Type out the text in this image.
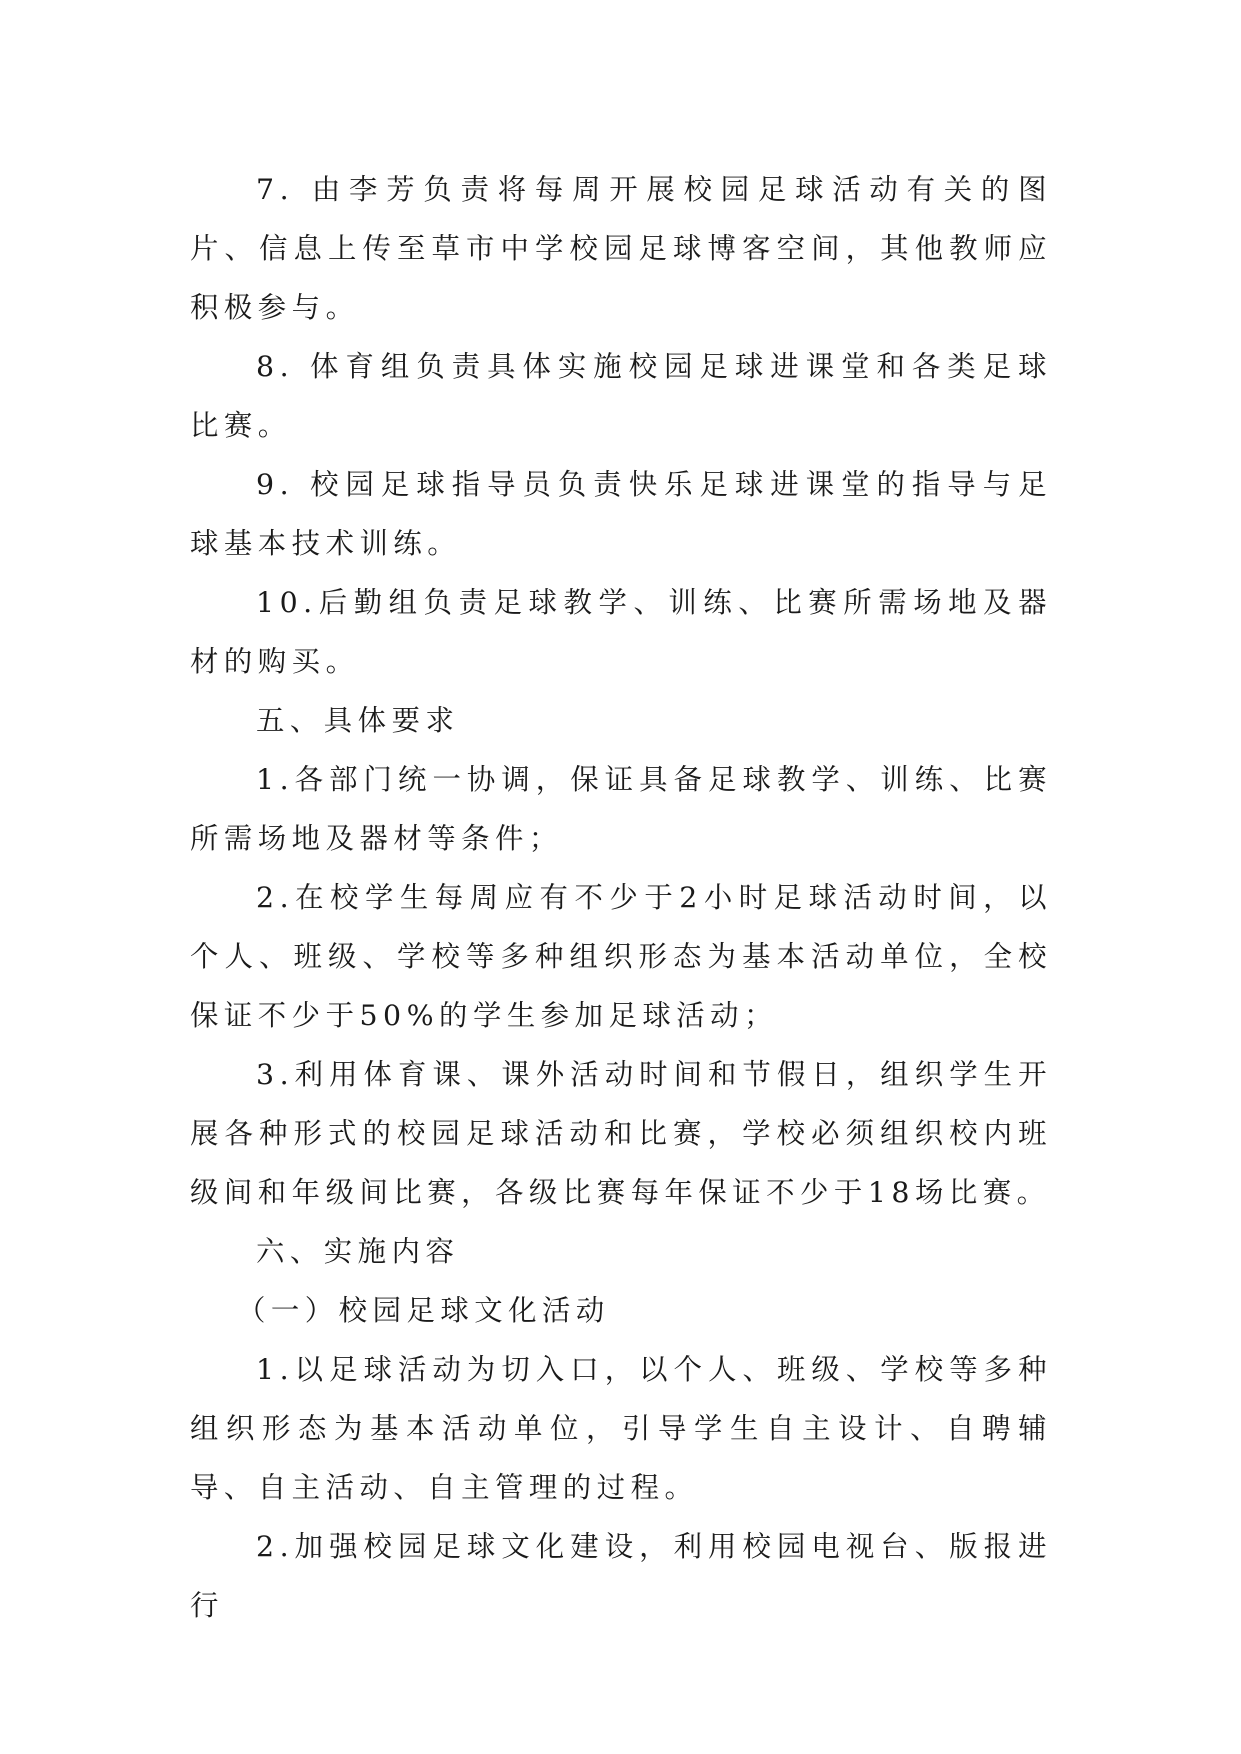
7. 由李芳负责将每周开展校园足球活动有关的图片、信息上传至草市中学校园足球博客空间，其他教师应积极参与。

8. 体育组负责具体实施校园足球进课堂和各类足球比赛。

9. 校园足球指导员负责快乐足球进课堂的指导与足球基本技术训练。

10.后勤组负责足球教学、训练、比赛所需场地及器材的购买。

五、具体要求

1.各部门统一协调，保证具备足球教学、训练、比赛所需场地及器材等条件；

2.在校学生每周应有不少于2小时足球活动时间，以个人、班级、学校等多种组织形态为基本活动单位，全校保证不少于50%的学生参加足球活动；

3.利用体育课、课外活动时间和节假日，组织学生开展各种形式的校园足球活动和比赛，学校必须组织校内班级间和年级间比赛，各级比赛每年保证不少于18场比赛。

六、实施内容

（一）校园足球文化活动

1.以足球活动为切入口，以个人、班级、学校等多种组织形态为基本活动单位，引导学生自主设计、自聘辅导、自主活动、自主管理的过程。

2.加强校园足球文化建设，利用校园电视台、版报进行
